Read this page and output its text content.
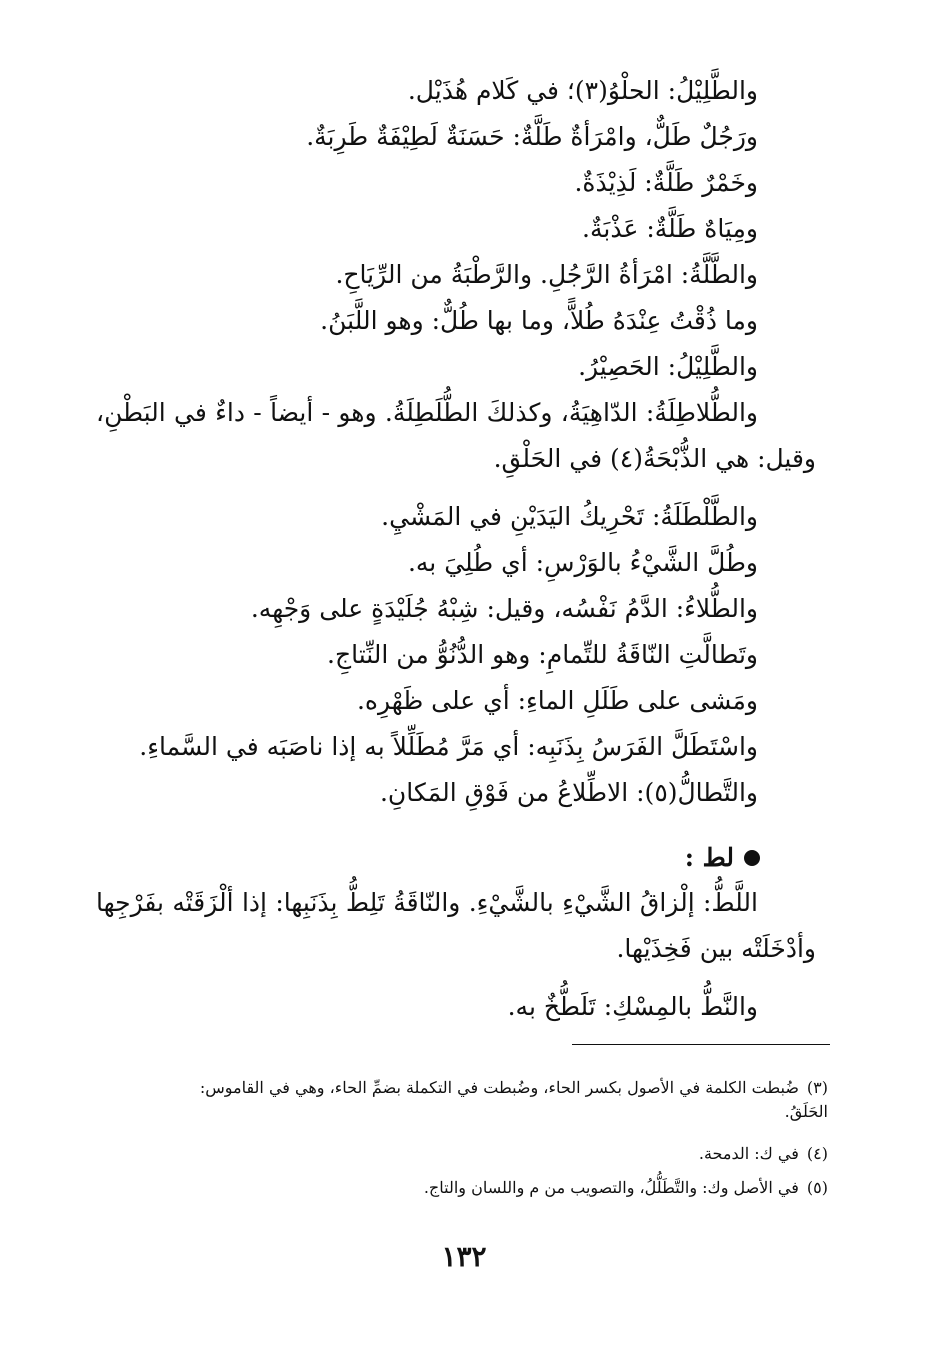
والطَّلِيْلُ: الحلْوُ(٣)؛ في كَلام هُذَيْل.
ورَجُلٌ طَلٌّ، وامْرَأةٌ طَلَّةٌ: حَسَنَةٌ لَطِيْفَةٌ طَرِبَةٌ.
وخَمْرٌ طَلَّةٌ: لَذِيْذَةٌ.
ومِيَاهٌ طَلَّةٌ: عَذْبَةٌ.
والطَّلَّةُ: امْرَأةُ الرَّجُلِ. والرَّطْبَةُ من الرِّيَاحِ.
وما ذُقْتُ عِنْدَهُ طُلاًّ، وما بها طُلٌّ: وهو اللَّبَنُ.
والطَّلِيْلُ: الحَصِيْرُ.
والطُّلاطِلَةُ: الدّاهِيَةُ، وكذلكَ الطُّلَطِلَةُ. وهو - أيضاً - داءٌ في البَطْنِ،
وقيل: هي الذُّبْحَةُ(٤) في الحَلْقِ.
والطَّلْطَلَةُ: تَحْرِيكُ اليَدَيْنِ في المَشْيِ.
وطُلَّ الشَّيْءُ بالوَرْسِ: أي طُلِيَ به.
والطُّلاءُ: الدَّمُ نَفْسُه، وقيل: شِبْهُ جُلَيْدَةٍ على وَجْهِه.
وتَطالَّتِ النّاقَةُ للتِّمامِ: وهو الدُّنُوُّ من النِّتاجِ.
ومَشى على طَلَلِ الماءِ: أي على ظَهْرِه.
واسْتَطَلَّ الفَرَسُ بِذَنَبِه: أي مَرَّ مُطَلِّلاً به إذا ناصَبَه في السَّماءِ.
والتَّطالُّ(٥): الاطِّلاعُ من فَوْقِ المَكانِ.
لط :
اللَّطُّ: إلْزاقُ الشَّيْءِ بالشَّيْءِ. والنّاقَةُ تَلِطُّ بِذَنَبِها: إذا ألْزَقَتْه بفَرْجِها
وأدْخَلَتْه بين فَخِذَيْها.
والنَّطُّ بالمِسْكِ: تَلَطُّخٌ به.
(٣)ضُبطت الكلمة في الأصول بكسر الحاء، وضُبطت في التكملة بضمِّ الحاء، وهي في القاموس:
الحَلَقُ.
(٤)في ك: الدمحة.
(٥)في الأصل وك: والتَّطَلُّلُ، والتصويب من م واللسان والتاج.
١٣٢
